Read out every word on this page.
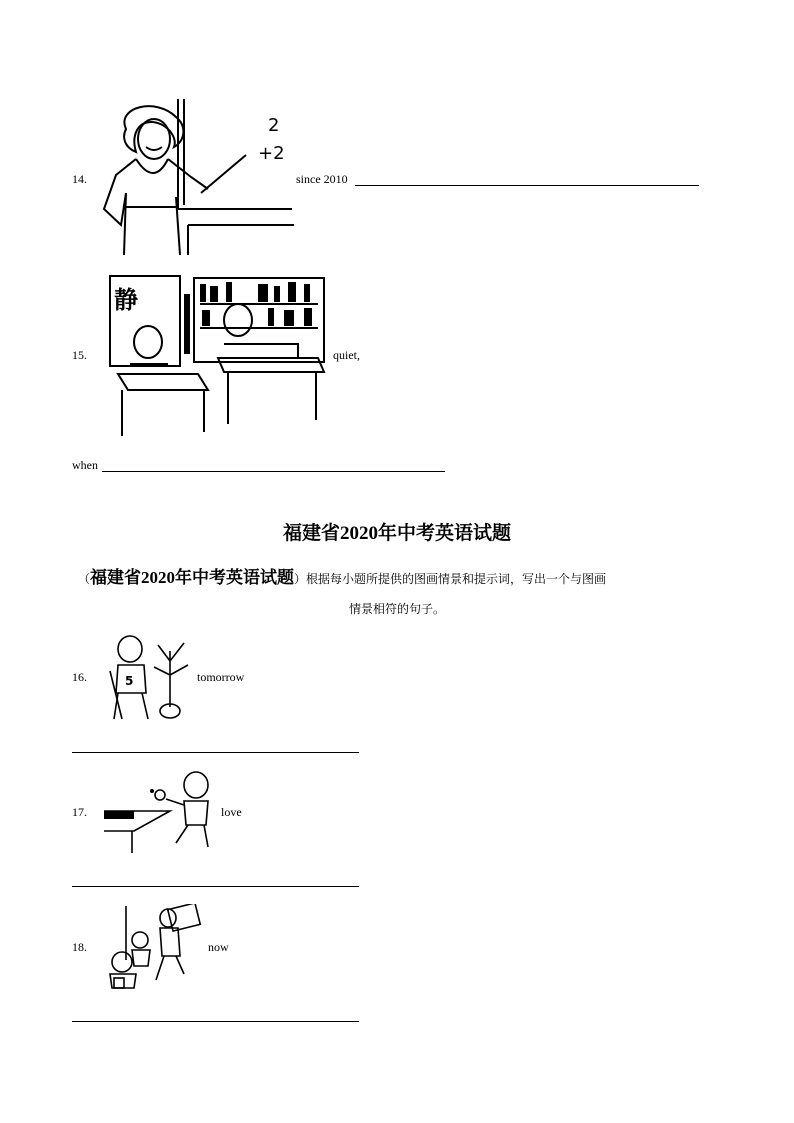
14.
2
+2
since 2010
15.
静
quiet,
when
福建省2020年中考英语试题
（福建省2020年中考英语试题）根据每小题所提供的图画情景和提示词，写出一个与图画
情景相符的句子。
16.	5	tomorrow
17.	love
18.	now
